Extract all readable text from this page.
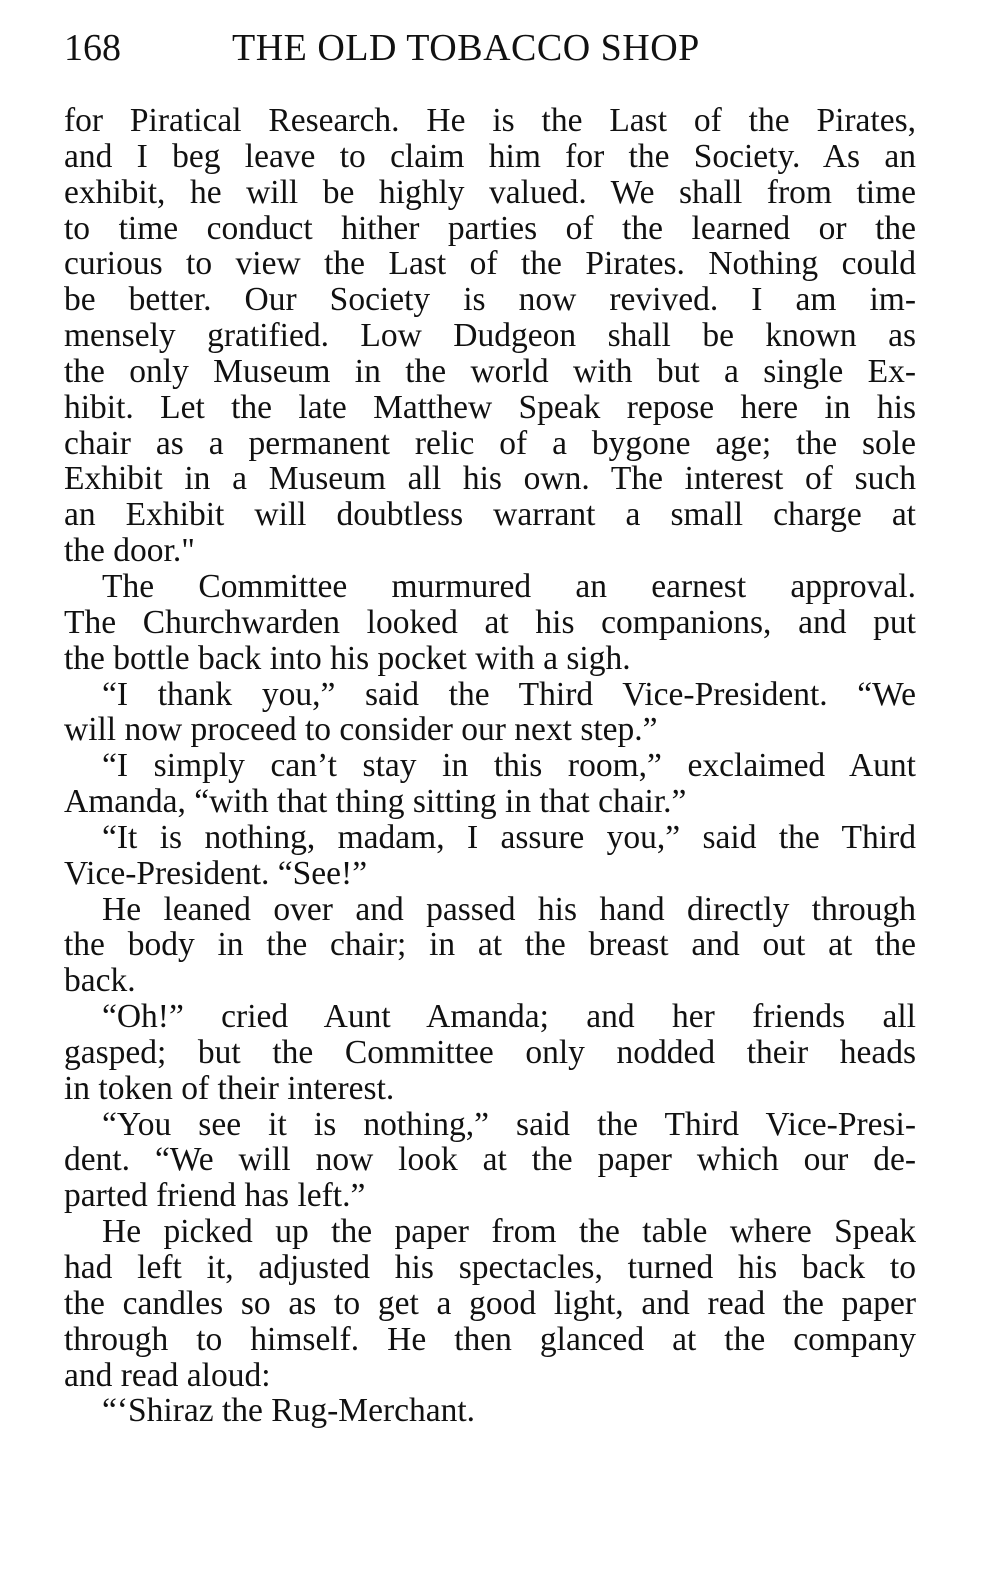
168	THE OLD TOBACCO SHOP
for Piratical Research. He is the Last of the Pirates,
and I beg leave to claim him for the Society. As an
exhibit, he will be highly valued. We shall from time
to time conduct hither parties of the learned or the
curious to view the Last of the Pirates. Nothing could
be better. Our Society is now revived. I am im-
mensely gratified. Low Dudgeon shall be known as
the only Museum in the world with but a single Ex-
hibit. Let the late Matthew Speak repose here in his
chair as a permanent relic of a bygone age; the sole
Exhibit in a Museum all his own. The interest of such
an Exhibit will doubtless warrant a small charge at
the door."
The Committee murmured an earnest approval.
The Churchwarden looked at his companions, and put
the bottle back into his pocket with a sigh.
“I thank you,” said the Third Vice-President. “We
will now proceed to consider our next step.”
“I simply can’t stay in this room,” exclaimed Aunt
Amanda, “with that thing sitting in that chair.”
“It is nothing, madam, I assure you,” said the Third
Vice-President. “See!”
He leaned over and passed his hand directly through
the body in the chair; in at the breast and out at the
back.
“Oh!” cried Aunt Amanda; and her friends all
gasped; but the Committee only nodded their heads
in token of their interest.
“You see it is nothing,” said the Third Vice-Presi-
dent. “We will now look at the paper which our de-
parted friend has left.”
He picked up the paper from the table where Speak
had left it, adjusted his spectacles, turned his back to
the candles so as to get a good light, and read the paper
through to himself. He then glanced at the company
and read aloud:
“‘Shiraz the Rug-Merchant.
